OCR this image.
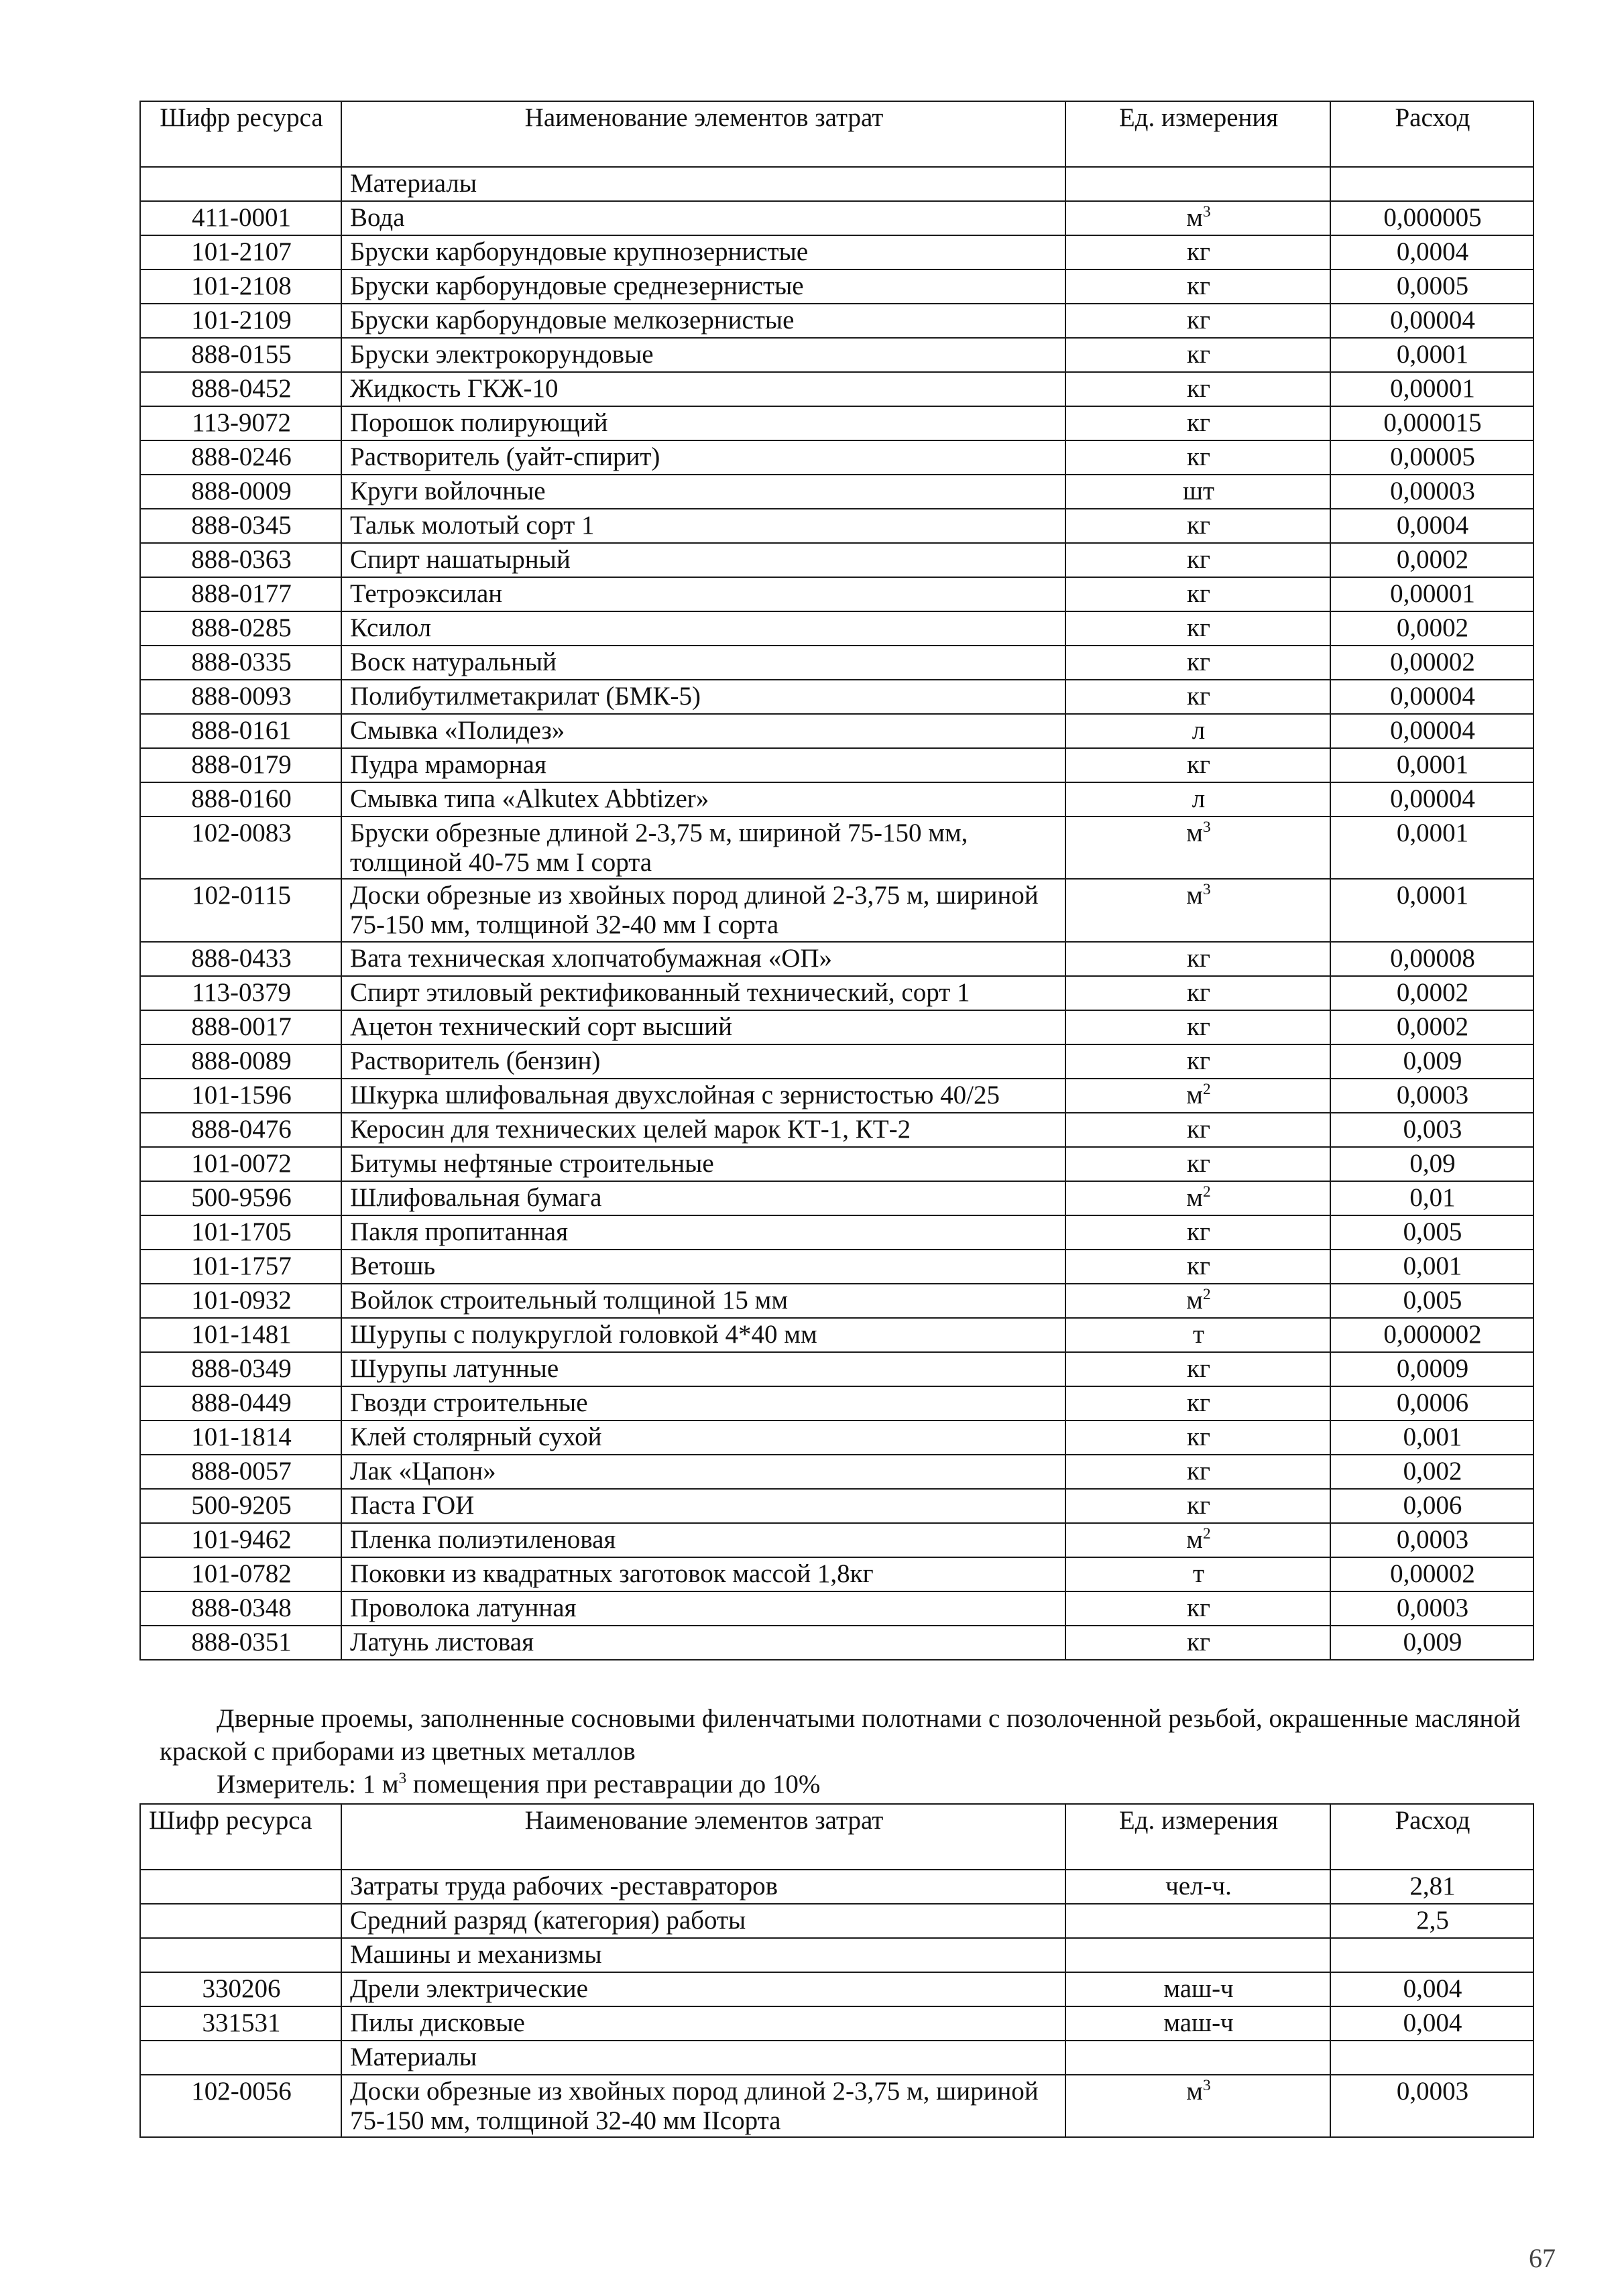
Шифр ресурса	Наименование элементов затрат	Ед. измерения	Расход
	Материалы		
411-0001	Вода	$м^3$	0,000005
101-2107	Бруски карборундовые крупнозернистые	кг	0,0004
101-2108	Бруски карборундовые среднезернистые	кг	0,0005
101-2109	Бруски карборундовые мелкозернистые	кг	0,00004
888-0155	Бруски электрокорундовые	кг	0,0001
888-0452	Жидкость ГКЖ-10	кг	0,00001
113-9072	Порошок полирующий	кг	0,000015
888-0246	Растворитель (уайт-спирит)	кг	0,00005
888-0009	Круги войлочные	шт	0,00003
888-0345	Тальк молотый сорт 1	кг	0,0004
888-0363	Спирт нашатырный	кг	0,0002
888-0177	Тетроэксилан	кг	0,00001
888-0285	Ксилол	кг	0,0002
888-0335	Воск натуральный	кг	0,00002
888-0093	Полибутилметакрилат (БМК-5)	кг	0,00004
888-0161	Смывка «Полидез»	л	0,00004
888-0179	Пудра мраморная	кг	0,0001
888-0160	Смывка типа «Alkutex Abbtizer»	л	0,00004
102-0083	Бруски обрезные длиной 2-3,75 м, шириной 75-150 мм, толщиной 40-75 мм I сорта	$м^3$	0,0001
102-0115	Доски обрезные из хвойных пород длиной 2-3,75 м, шириной 75-150 мм, толщиной 32-40 мм I сорта	$м^3$	0,0001
888-0433	Вата техническая хлопчатобумажная «ОП»	кг	0,00008
113-0379	Спирт этиловый ректификованный технический, сорт 1	кг	0,0002
888-0017	Ацетон технический сорт высший	кг	0,0002
888-0089	Растворитель (бензин)	кг	0,009
101-1596	Шкурка шлифовальная двухслойная с зернистостью 40/25	$м^2$	0,0003
888-0476	Керосин для технических целей марок КТ-1, КТ-2	кг	0,003
101-0072	Битумы нефтяные строительные	кг	0,09
500-9596	Шлифовальная бумага	$м^2$	0,01
101-1705	Пакля пропитанная	кг	0,005
101-1757	Ветошь	кг	0,001
101-0932	Войлок строительный толщиной 15 мм	$м^2$	0,005
101-1481	Шурупы с полукруглой головкой 4*40 мм	т	0,000002
888-0349	Шурупы латунные	кг	0,0009
888-0449	Гвозди строительные	кг	0,0006
101-1814	Клей столярный сухой	кг	0,001
888-0057	Лак «Цапон»	кг	0,002
500-9205	Паста ГОИ	кг	0,006
101-9462	Пленка полиэтиленовая	$м^2$	0,0003
101-0782	Поковки из квадратных заготовок массой 1,8кг	т	0,00002
888-0348	Проволока латунная	кг	0,0003
888-0351	Латунь листовая	кг	0,009
Дверные проемы, заполненные сосновыми филенчатыми полотнами с позолоченной резьбой, окрашенные масляной краской с приборами из цветных металлов
Измеритель: 1 $м^3$ помещения при реставрации до 10%
Шифр ресурса	Наименование элементов затрат	Ед. измерения	Расход
	Затраты труда рабочих -реставраторов	чел-ч.	2,81
	Средний разряд (категория) работы		2,5
	Машины и механизмы		
330206	Дрели электрические	маш-ч	0,004
331531	Пилы дисковые	маш-ч	0,004
	Материалы		
102-0056	Доски обрезные из хвойных пород длиной 2-3,75 м, шириной 75-150 мм, толщиной 32-40 мм IIсорта	$м^3$	0,0003
67
